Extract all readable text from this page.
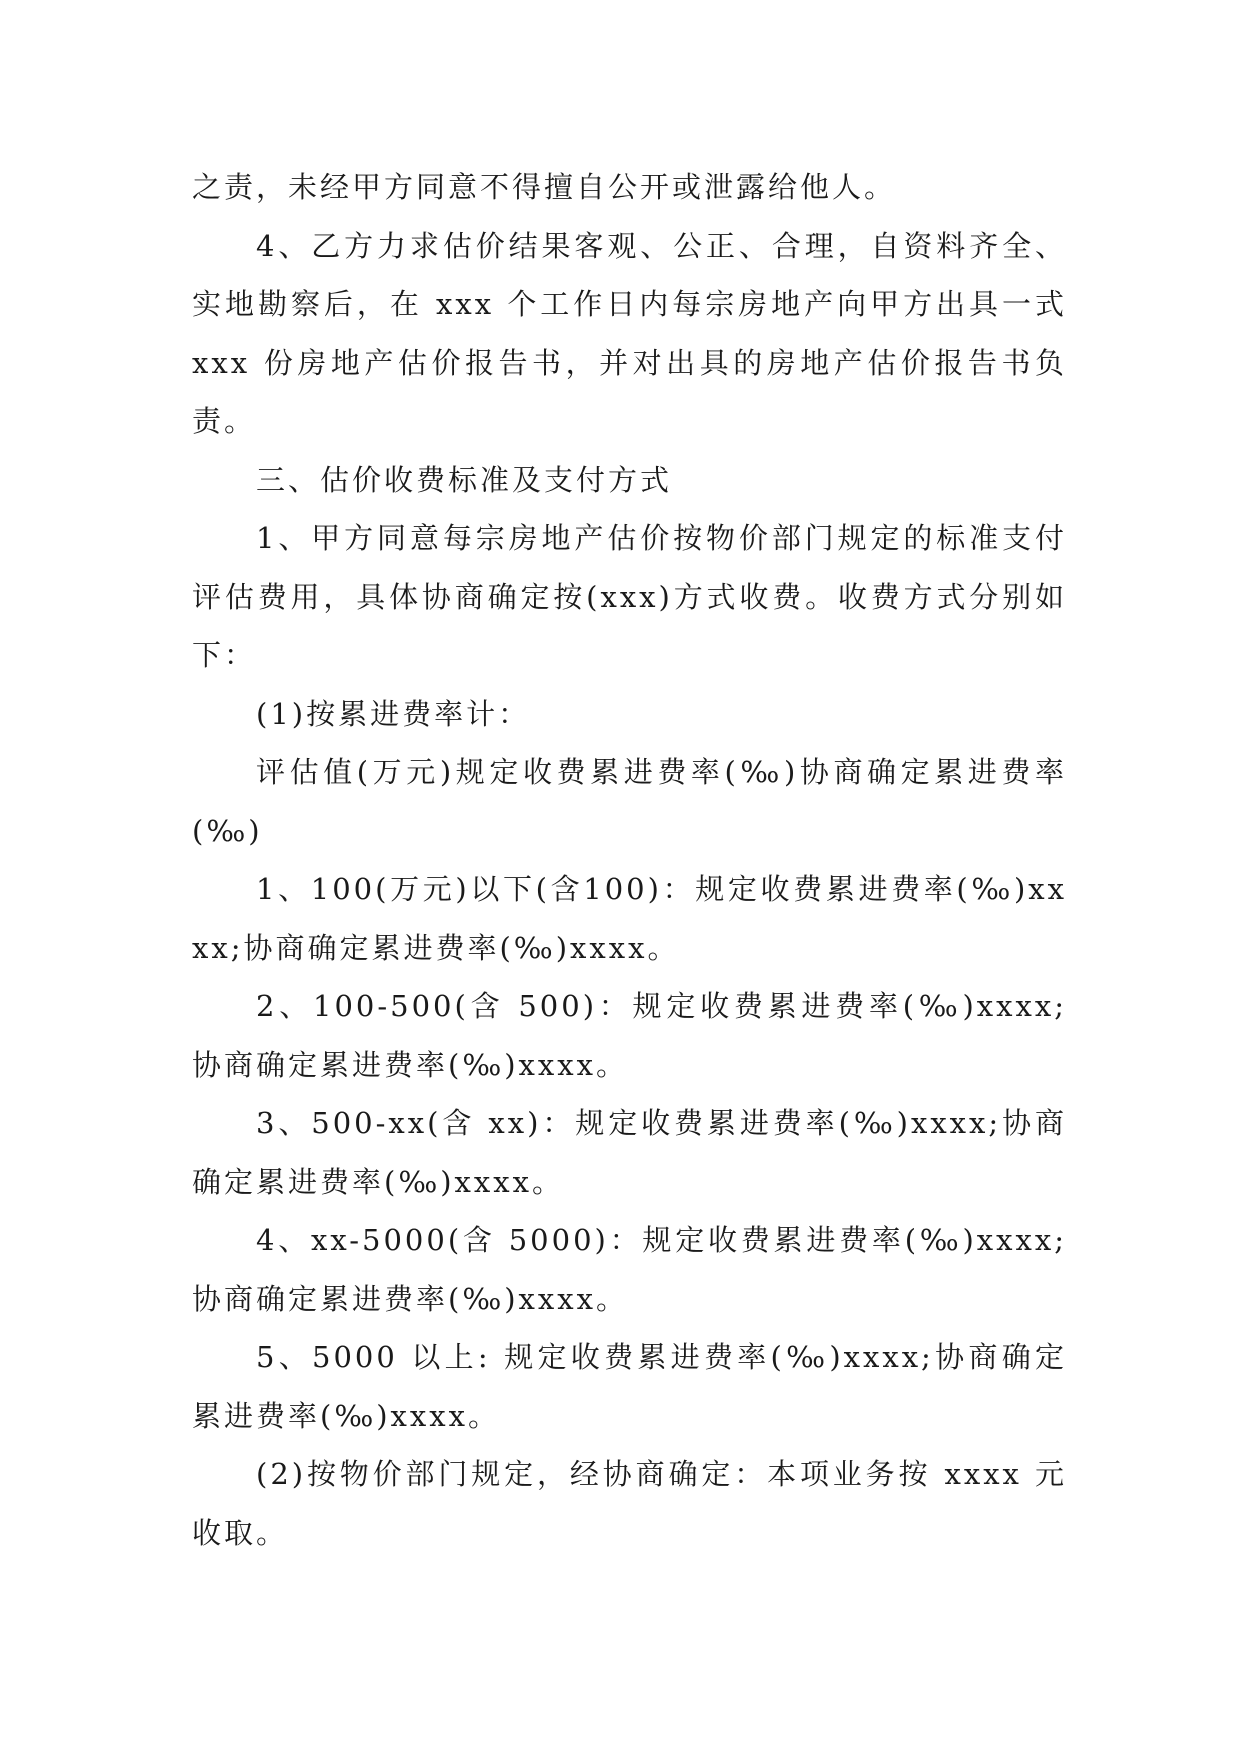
之责，未经甲方同意不得擅自公开或泄露给他人。

4、乙方力求估价结果客观、公正、合理，自资料齐全、实地勘察后，在 xxx 个工作日内每宗房地产向甲方出具一式 xxx 份房地产估价报告书，并对出具的房地产估价报告书负责。

三、估价收费标准及支付方式

1、甲方同意每宗房地产估价按物价部门规定的标准支付评估费用，具体协商确定按(xxx)方式收费。收费方式分别如下：

(1)按累进费率计：

评估值(万元)规定收费累进费率(‰)协商确定累进费率(‰)

1、100(万元)以下(含100)：规定收费累进费率(‰)xxxx;协商确定累进费率(‰)xxxx。

2、100-500(含 500)：规定收费累进费率(‰)xxxx;协商确定累进费率(‰)xxxx。

3、500-xx(含 xx)：规定收费累进费率(‰)xxxx;协商确定累进费率(‰)xxxx。

4、xx-5000(含 5000)：规定收费累进费率(‰)xxxx;协商确定累进费率(‰)xxxx。

5、5000 以上: 规定收费累进费率(‰)xxxx;协商确定累进费率(‰)xxxx。

(2)按物价部门规定，经协商确定：本项业务按 xxxx 元收取。
